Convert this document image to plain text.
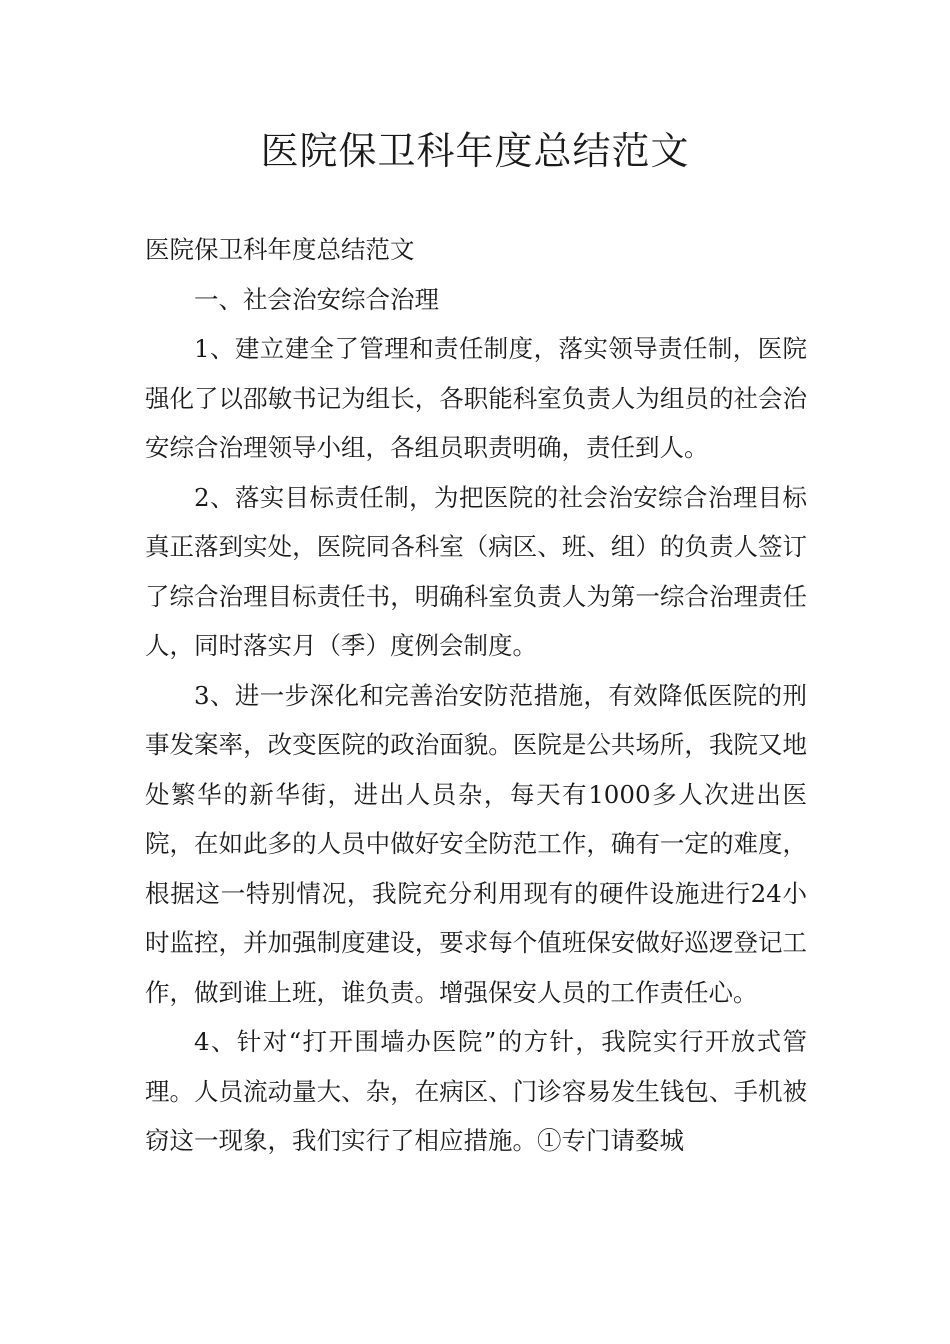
医院保卫科年度总结范文

医院保卫科年度总结范文

一、社会治安综合治理

1、建立建全了管理和责任制度，落实领导责任制，医院强化了以邵敏书记为组长，各职能科室负责人为组员的社会治安综合治理领导小组，各组员职责明确，责任到人。

2、落实目标责任制，为把医院的社会治安综合治理目标真正落到实处，医院同各科室（病区、班、组）的负责人签订了综合治理目标责任书，明确科室负责人为第一综合治理责任人，同时落实月（季）度例会制度。

3、进一步深化和完善治安防范措施，有效降低医院的刑事发案率，改变医院的政治面貌。医院是公共场所，我院又地处繁华的新华街，进出人员杂，每天有1000多人次进出医院，在如此多的人员中做好安全防范工作，确有一定的难度，根据这一特别情况，我院充分利用现有的硬件设施进行24小时监控，并加强制度建设，要求每个值班保安做好巡逻登记工作，做到谁上班，谁负责。增强保安人员的工作责任心。

4、针对“打开围墙办医院”的方针，我院实行开放式管理。人员流动量大、杂，在病区、门诊容易发生钱包、手机被窃这一现象，我们实行了相应措施。①专门请婺城
